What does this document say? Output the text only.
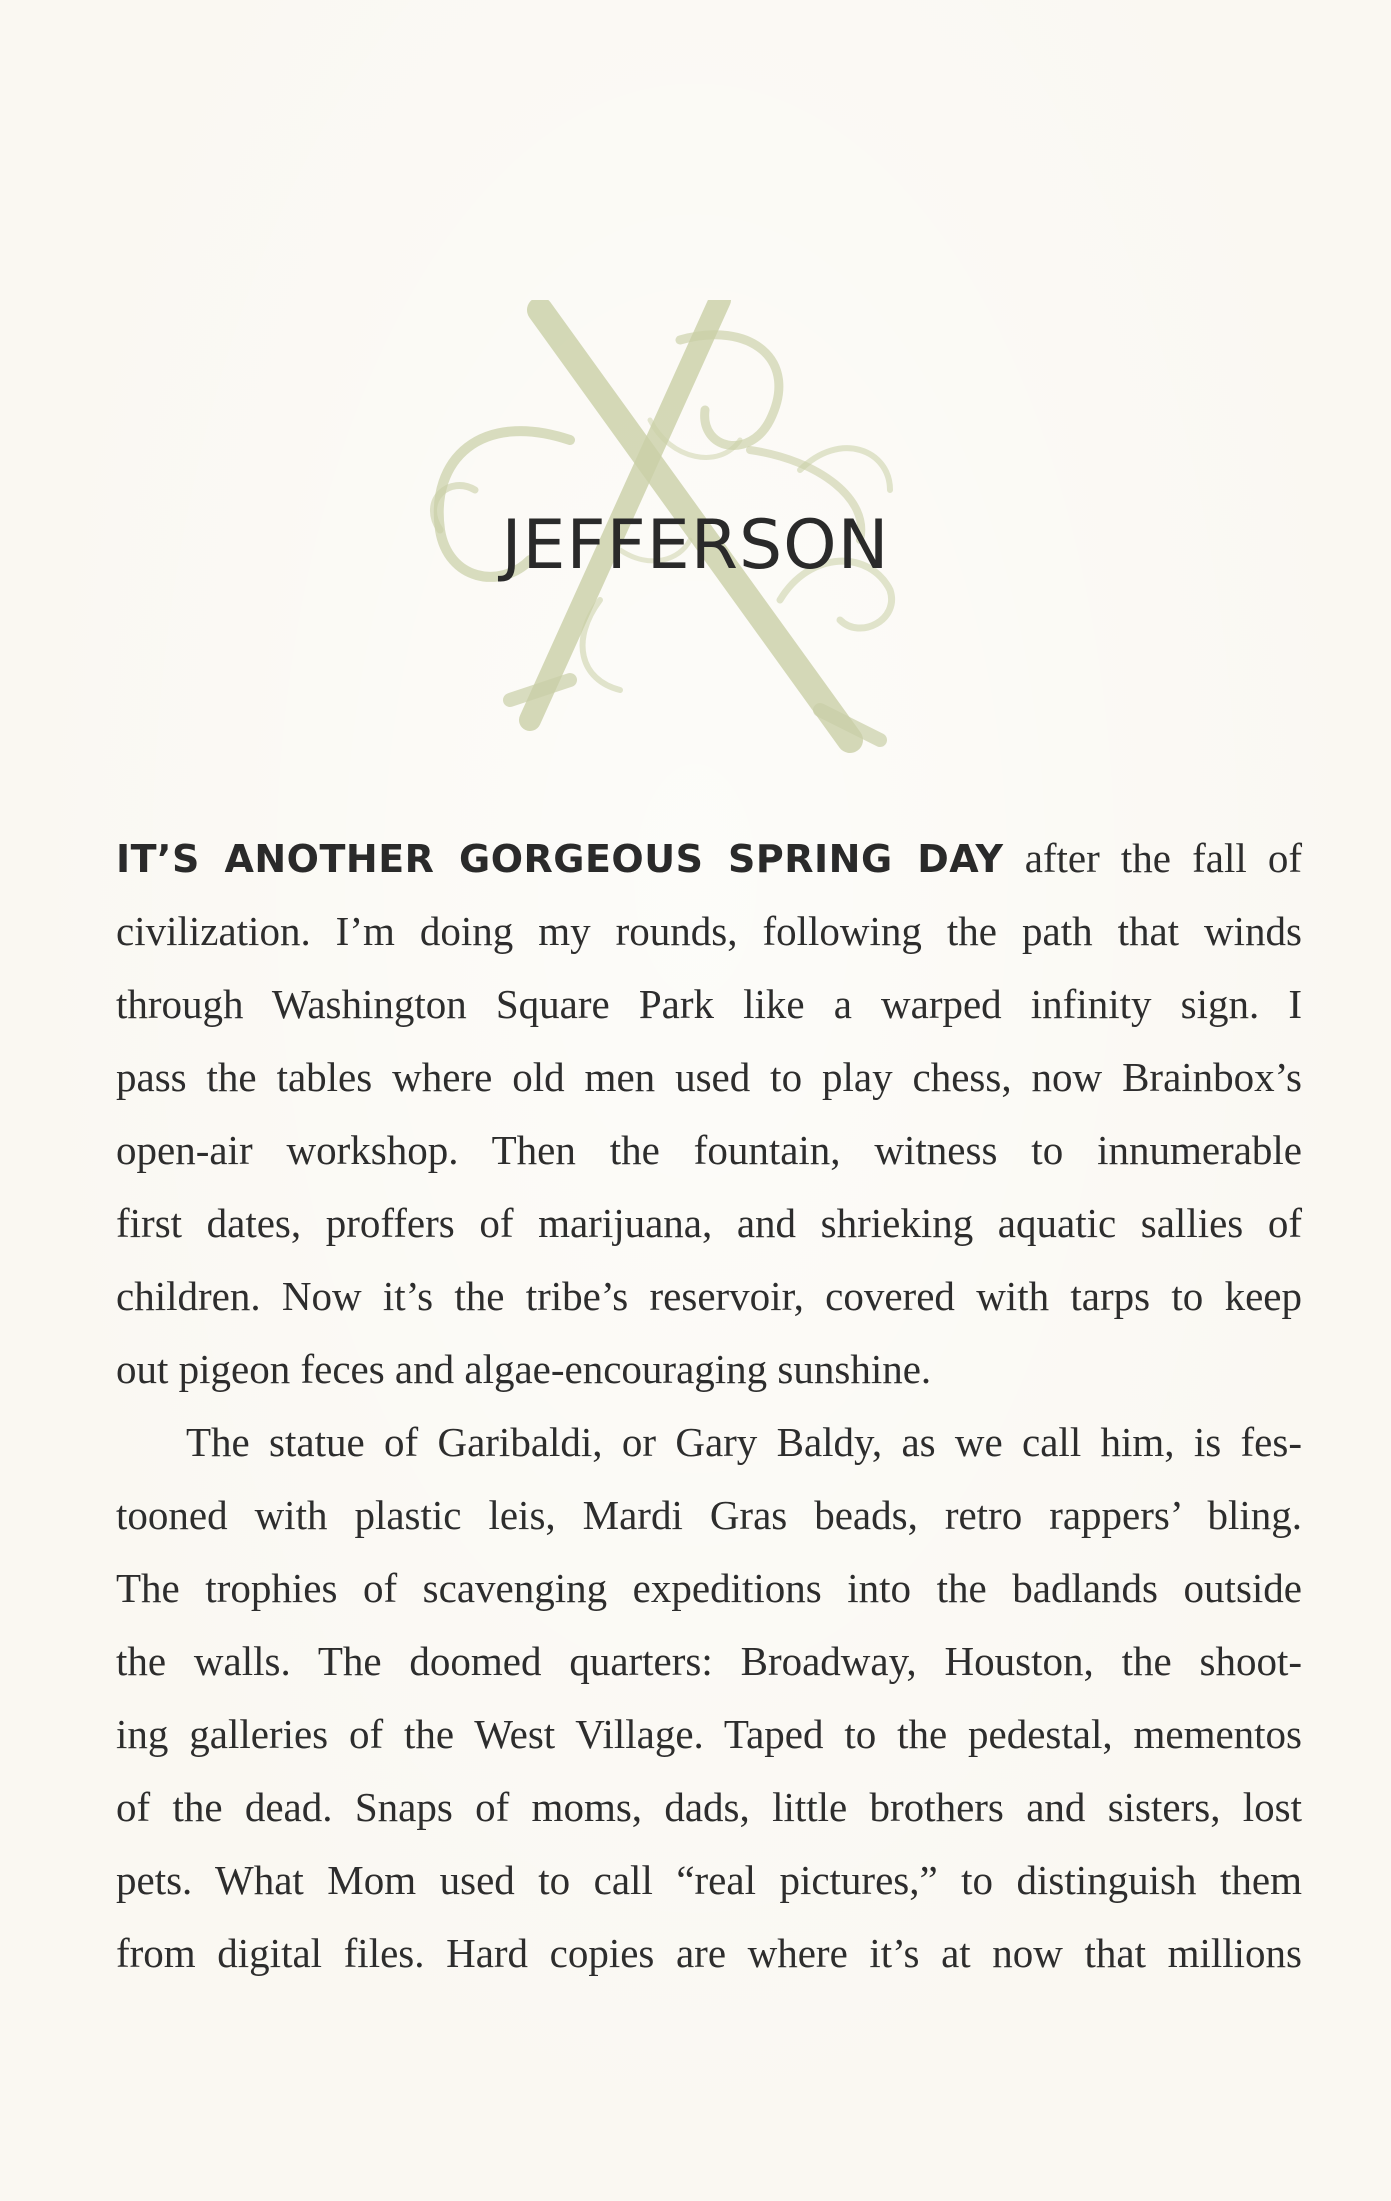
JEFFERSON
IT’S ANOTHER GORGEOUS SPRING DAY after the fall of
civilization. I’m doing my rounds, following the path that winds
through Washington Square Park like a warped infinity sign. I
pass the tables where old men used to play chess, now Brainbox’s
open-air workshop. Then the fountain, witness to innumerable
first dates, proffers of marijuana, and shrieking aquatic sallies of
children. Now it’s the tribe’s reservoir, covered with tarps to keep
out pigeon feces and algae-encouraging sunshine.
The statue of Garibaldi, or Gary Baldy, as we call him, is fes-
tooned with plastic leis, Mardi Gras beads, retro rappers’ bling.
The trophies of scavenging expeditions into the badlands outside
the walls. The doomed quarters: Broadway, Houston, the shoot-
ing galleries of the West Village. Taped to the pedestal, mementos
of the dead. Snaps of moms, dads, little brothers and sisters, lost
pets. What Mom used to call “real pictures,” to distinguish them
from digital files. Hard copies are where it’s at now that millions
